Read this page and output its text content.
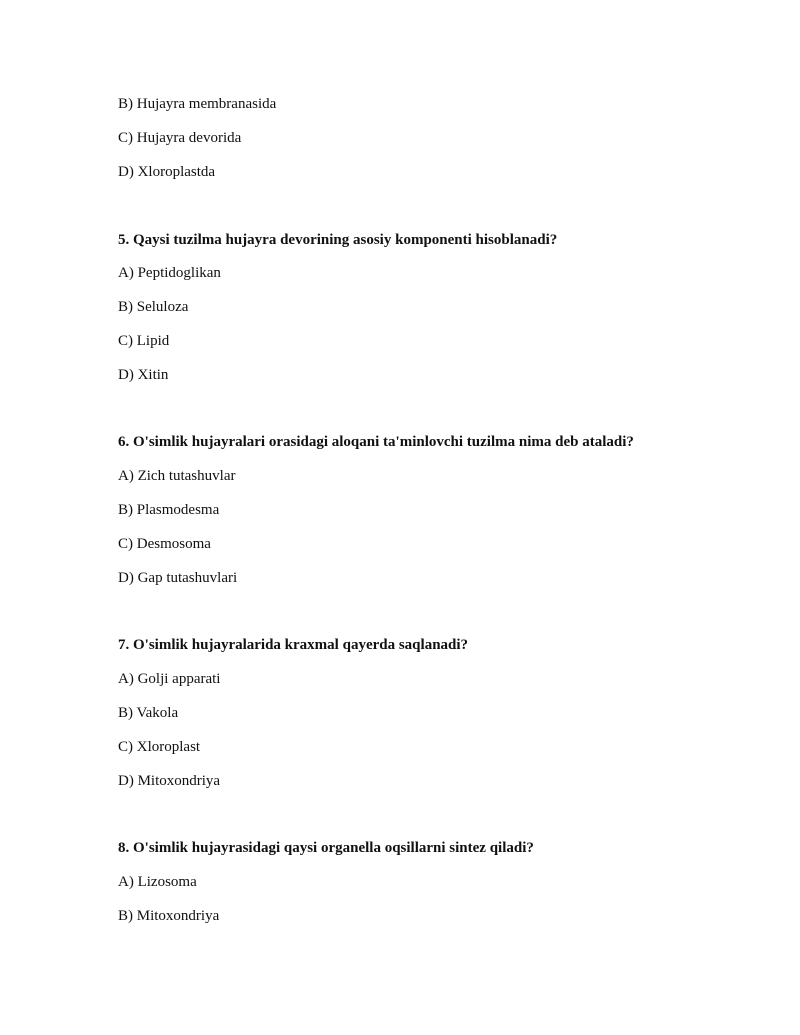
B) Hujayra membranasida
C) Hujayra devorida
D) Xloroplastda
5. Qaysi tuzilma hujayra devorining asosiy komponenti hisoblanadi?
A) Peptidoglikan
B) Seluloza
C) Lipid
D) Xitin
6. O'simlik hujayralari orasidagi aloqani ta'minlovchi tuzilma nima deb ataladi?
A) Zich tutashuvlar
B) Plasmodesma
C) Desmosoma
D) Gap tutashuvlari
7. O'simlik hujayralarida kraxmal qayerda saqlanadi?
A) Golji apparati
B) Vakola
C) Xloroplast
D) Mitoxondriya
8. O'simlik hujayrasidagi qaysi organella oqsillarni sintez qiladi?
A) Lizosoma
B) Mitoxondriya
